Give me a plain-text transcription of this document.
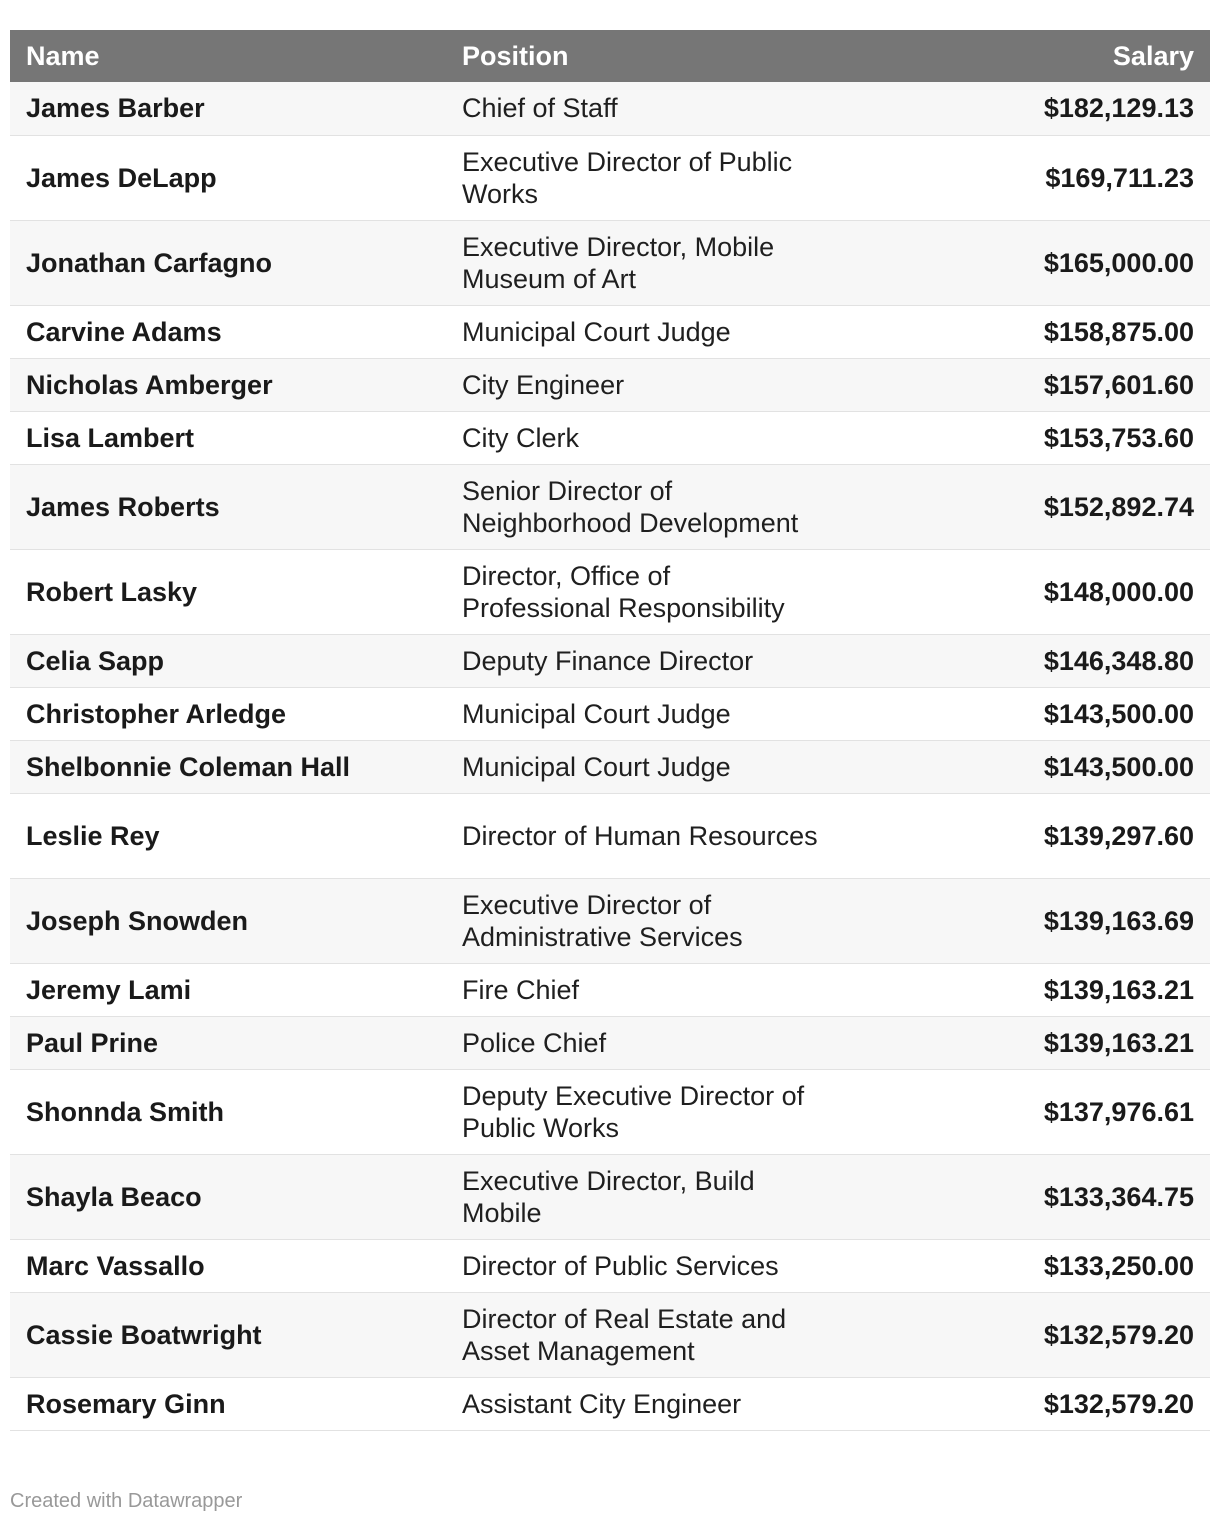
Name	Position	Salary
James Barber	Chief of Staff	$182,129.13
James DeLapp	Executive Director of Public Works	$169,711.23
Jonathan Carfagno	Executive Director, Mobile Museum of Art	$165,000.00
Carvine Adams	Municipal Court Judge	$158,875.00
Nicholas Amberger	City Engineer	$157,601.60
Lisa Lambert	City Clerk	$153,753.60
James Roberts	Senior Director of Neighborhood Development	$152,892.74
Robert Lasky	Director, Office of Professional Responsibility	$148,000.00
Celia Sapp	Deputy Finance Director	$146,348.80
Christopher Arledge	Municipal Court Judge	$143,500.00
Shelbonnie Coleman Hall	Municipal Court Judge	$143,500.00
Leslie Rey	Director of Human Resources	$139,297.60
Joseph Snowden	Executive Director of Administrative Services	$139,163.69
Jeremy Lami	Fire Chief	$139,163.21
Paul Prine	Police Chief	$139,163.21
Shonnda Smith	Deputy Executive Director of Public Works	$137,976.61
Shayla Beaco	Executive Director, Build Mobile	$133,364.75
Marc Vassallo	Director of Public Services	$133,250.00
Cassie Boatwright	Director of Real Estate and Asset Management	$132,579.20
Rosemary Ginn	Assistant City Engineer	$132,579.20
Created with Datawrapper
